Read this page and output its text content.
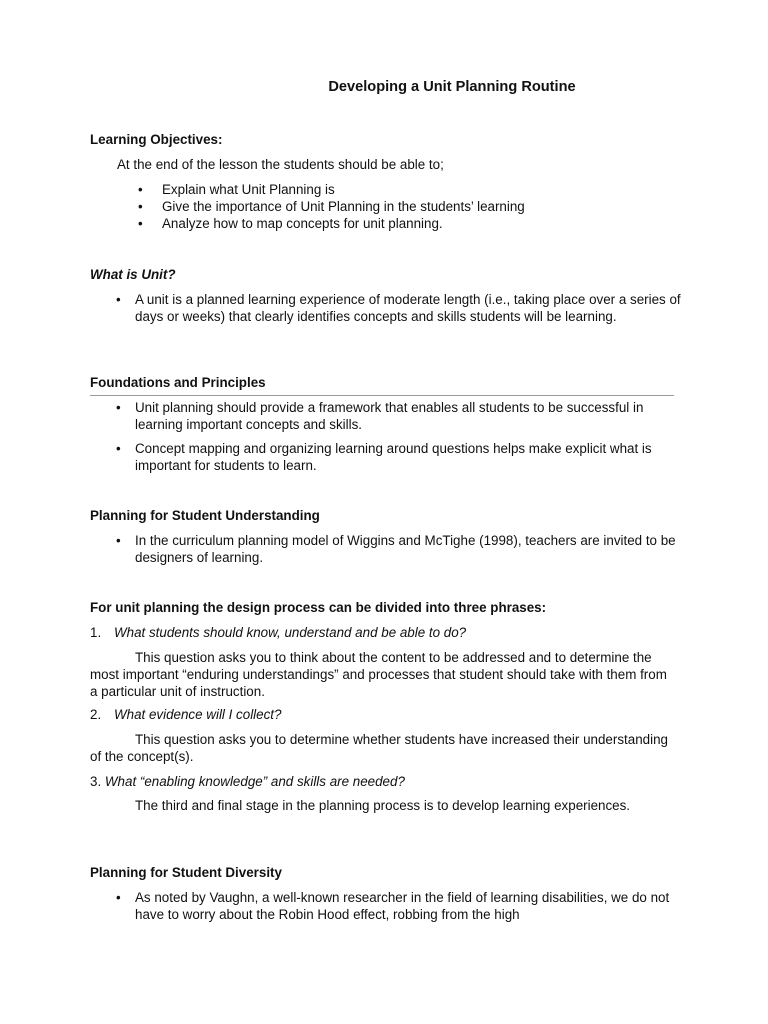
Developing a Unit Planning Routine
Learning Objectives:
At the end of the lesson the students should be able to;
• Explain what Unit Planning is
• Give the importance of Unit Planning in the students’ learning
• Analyze how to map concepts for unit planning.
What is Unit?
• A unit is a planned learning experience of moderate length (i.e., taking place over a series of days or weeks) that clearly identifies concepts and skills students will be learning.
Foundations and Principles
• Unit planning should provide a framework that enables all students to be successful in learning important concepts and skills.
• Concept mapping and organizing learning around questions helps make explicit what is important for students to learn.
Planning for Student Understanding
• In the curriculum planning model of Wiggins and McTighe (1998), teachers are invited to be designers of learning.
For unit planning the design process can be divided into three phrases:
1. What students should know, understand and be able to do?
This question asks you to think about the content to be addressed and to determine the most important “enduring understandings” and processes that student should take with them from a particular unit of instruction.
2. What evidence will I collect?
This question asks you to determine whether students have increased their understanding of the concept(s).
3. What “enabling knowledge” and skills are needed?
The third and final stage in the planning process is to develop learning experiences.
Planning for Student Diversity
• As noted by Vaughn, a well-known researcher in the field of learning disabilities, we do not have to worry about the Robin Hood effect, robbing from the high
